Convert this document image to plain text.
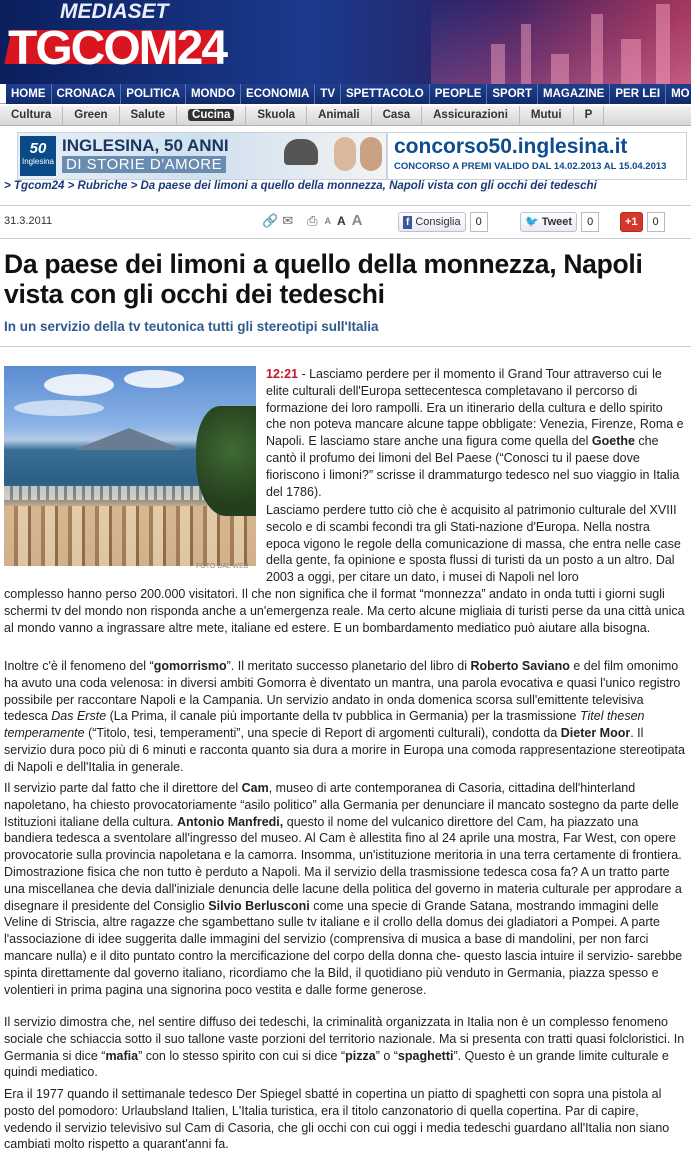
MEDIASET
TGCOM24
HOME CRONACA POLITICA MONDO ECONOMIA TV SPETTACOLO PEOPLE SPORT MAGAZINE PER LEI MO
Cultura	Green	Salute	Cucina	Skuola	Animali	Casa	Assicurazioni	Mutui	P
50
Inglesina
INGLESINA, 50 ANNI
DI STORIE D'AMORE
concorso50.inglesina.it
CONCORSO A PREMI VALIDO DAL 14.02.2013 AL 15.04.2013
> Tgcom24 > Rubriche > Da paese dei limoni a quello della monnezza, Napoli vista con gli occhi dei tedeschi
31.3.2011	🔗 ✉ ⎙ A A A	f Consiglia	0	🐦 Tweet	0	+1	0
Da paese dei limoni a quello della monnezza, Napoli vista con gli occhi dei tedeschi
In un servizio della tv teutonica tutti gli stereotipi sull'Italia
FOTO DAL WEB
12:21 - Lasciamo perdere per il momento il Grand Tour attraverso cui le elite culturali dell'Europa settecentesca completavano il percorso di formazione dei loro rampolli. Era un itinerario della cultura e dello spirito che non poteva mancare alcune tappe obbligate: Venezia, Firenze, Roma e Napoli. E lasciamo stare anche una figura come quella del Goethe che cantò il profumo dei limoni del Bel Paese (“Conosci tu il paese dove fioriscono i limoni?” scrisse il drammaturgo tedesco nel suo viaggio in Italia del 1786).
Lasciamo perdere tutto ciò che è acquisito al patrimonio culturale del XVIII secolo e di scambi fecondi tra gli Stati-nazione d'Europa. Nella nostra epoca vigono le regole della comunicazione di massa, che entra nelle case della gente, fa opinione e sposta flussi di turisti da un posto a un altro. Dal 2003 a oggi, per citare un dato, i musei di Napoli nel loro
complesso hanno perso 200.000 visitatori. Il che non significa che il format “monnezza” andato in onda tutti i giorni sugli schermi tv del mondo non risponda anche a un'emergenza reale. Ma certo alcune migliaia di turisti perse da una città unica al mondo vanno a ingrassare altre mete, italiane ed estere. E un bombardamento mediatico può aiutare alla bisogna.
Inoltre c'è il fenomeno del “gomorrismo”. Il meritato successo planetario del libro di Roberto Saviano e del film omonimo ha avuto una coda velenosa: in diversi ambiti Gomorra è diventato un mantra, una parola evocativa e quasi l'unico registro possibile per raccontare Napoli e la Campania. Un servizio andato in onda domenica scorsa sull'emittente televisiva tedesca Das Erste (La Prima, il canale più importante della tv pubblica in Germania) per la trasmissione Titel thesen temperamente (“Titolo, tesi, temperamenti”, una specie di Report di argomenti culturali), condotta da Dieter Moor. Il servizio dura poco più di 6 minuti e racconta quanto sia dura a morire in Europa una comoda rappresentazione stereotipata di Napoli e dell'Italia in generale.
Il servizio parte dal fatto che il direttore del Cam, museo di arte contemporanea di Casoria, cittadina dell'hinterland napoletano, ha chiesto provocatoriamente “asilo politico” alla Germania per denunciare il mancato sostegno da parte delle Istituzioni italiane della cultura. Antonio Manfredi, questo il nome del vulcanico direttore del Cam, ha piazzato una bandiera tedesca a sventolare all'ingresso del museo. Al Cam è allestita fino al 24 aprile una mostra, Far West, con opere provocatorie sulla provincia napoletana e la camorra. Insomma, un'istituzione meritoria in una terra certamente di frontiera. Dimostrazione fisica che non tutto è perduto a Napoli. Ma il servizio della trasmissione tedesca cosa fa? A un tratto parte una miscellanea che devia dall'iniziale denuncia delle lacune della politica del governo in materia culturale per approdare a disegnare il presidente del Consiglio Silvio Berlusconi come una specie di Grande Satana, mostrando immagini delle Veline di Striscia, altre ragazze che sgambettano sulle tv italiane e il crollo della domus dei gladiatori a Pompei. A parte l'associazione di idee suggerita dalle immagini del servizio (comprensiva di musica a base di mandolini, per non farci mancare nulla) e il dito puntato contro la mercificazione del corpo della donna che- questo lascia intuire il servizio- sarebbe spinta direttamente dal governo italiano, ricordiamo che la Bild, il quotidiano più venduto in Germania, piazza spesso e volentieri in prima pagina una signorina poco vestita e dalle forme generose.
Il servizio dimostra che, nel sentire diffuso dei tedeschi, la criminalità organizzata in Italia non è un complesso fenomeno sociale che schiaccia sotto il suo tallone vaste porzioni del territorio nazionale. Ma si presenta con tratti quasi folcloristici. In Germania si dice “mafia” con lo stesso spirito con cui si dice “pizza” o “spaghetti”. Questo è un grande limite culturale e quindi mediatico.
Era il 1977 quando il settimanale tedesco Der Spiegel sbatté in copertina un piatto di spaghetti con sopra una pistola al posto del pomodoro: Urlaubsland Italien, L'Italia turistica, era il titolo canzonatorio di quella copertina. Par di capire, vedendo il servizio televisivo sul Cam di Casoria, che gli occhi con cui oggi i media tedeschi guardano all'Italia non siano cambiati molto rispetto a quarant'anni fa.
